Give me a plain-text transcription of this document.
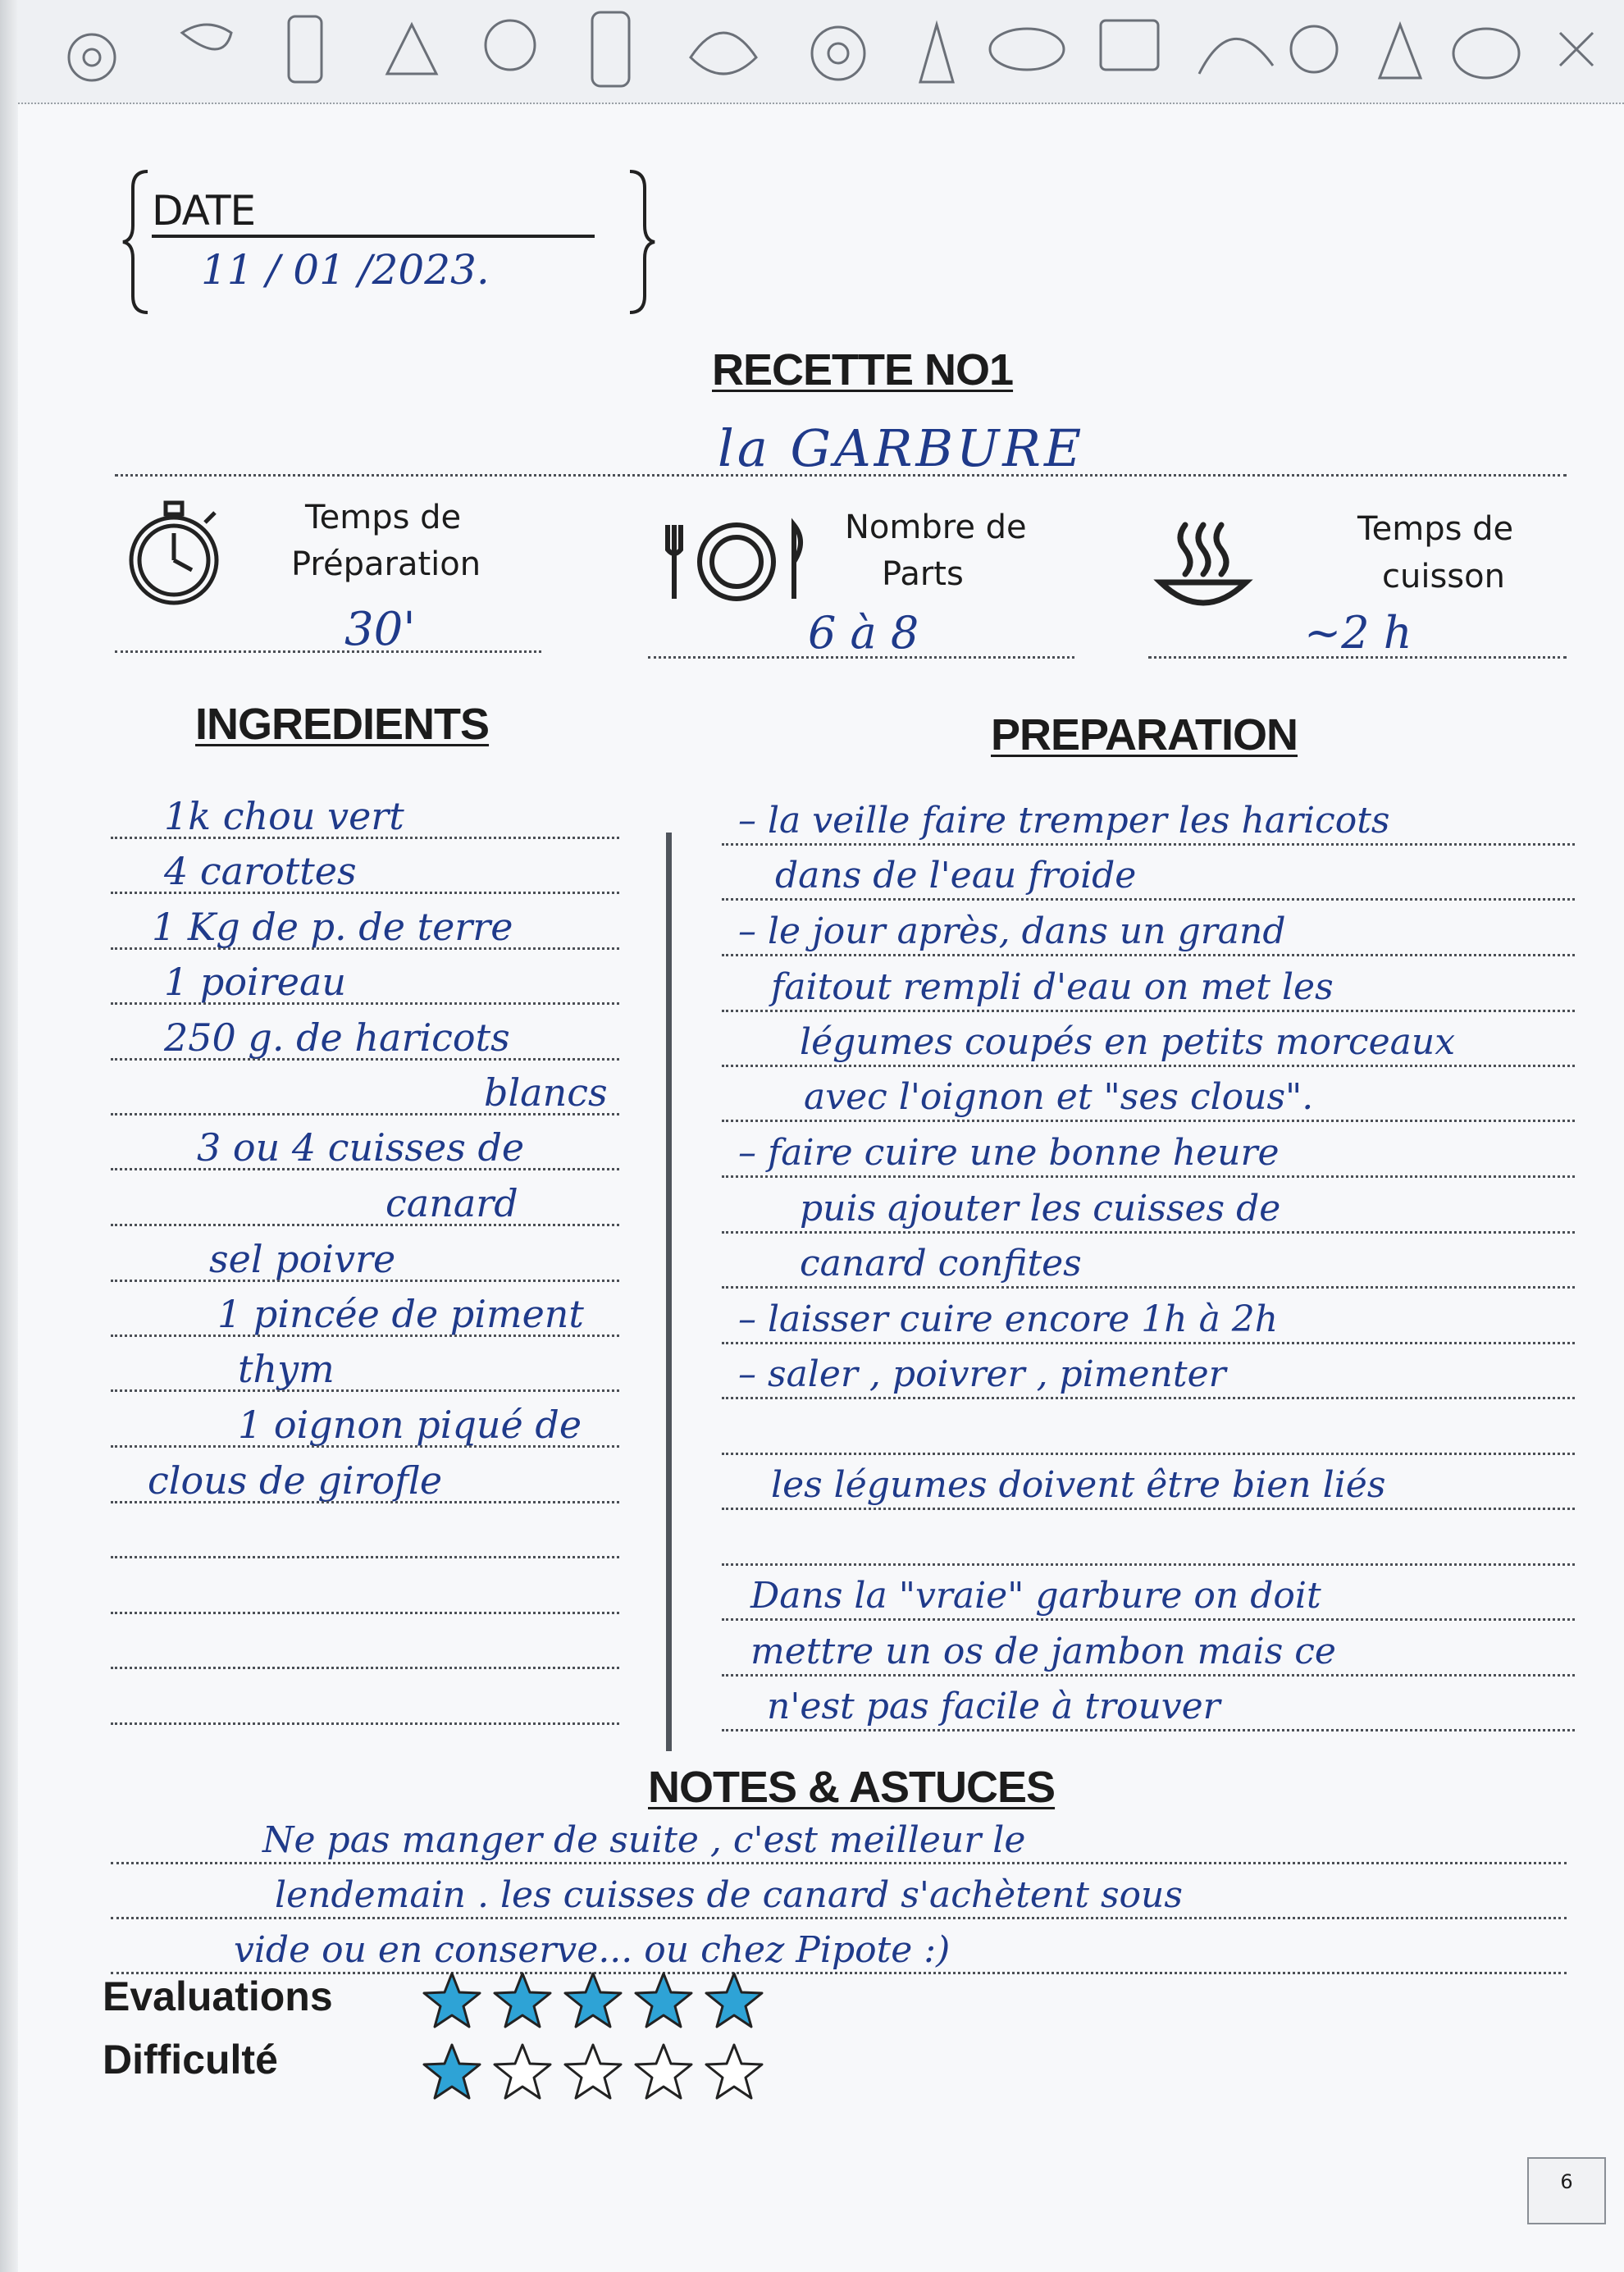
DATE
11 / 01 /2023.
RECETTE NO1
la GARBURE
Temps de
Préparation
30'
Nombre de
Parts
6 à 8
Temps de
cuisson
~2 h
INGREDIENTS	PREPARATION
1k chou vert
4 carottes
1 Kg de p. de terre
1 poireau
250 g. de haricots
blancs
3 ou 4 cuisses de
canard
sel poivre
1 pincée de piment
thym
1 oignon piqué de
clous de girofle
– la veille faire tremper les haricots
dans de l'eau froide
– le jour après, dans un grand
faitout rempli d'eau on met les
légumes coupés en petits morceaux
avec l'oignon et "ses clous".
– faire cuire une bonne heure
puis ajouter les cuisses de
canard confites
– laisser cuire encore 1h à 2h
– saler , poivrer , pimenter
les légumes doivent être bien liés
Dans la "vraie" garbure on doit
mettre un os de jambon mais ce
n'est pas facile à trouver
NOTES & ASTUCES
Ne pas manger de suite , c'est meilleur le
lendemain . les cuisses de canard s'achètent sous
vide ou en conserve... ou chez Pipote :)
Evaluations
Difficulté
6
